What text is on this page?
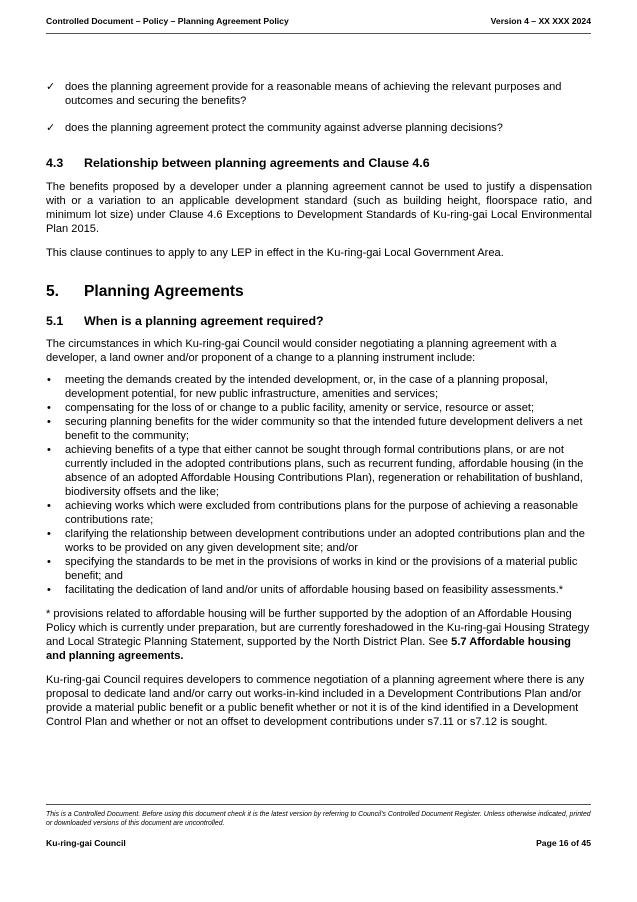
Controlled Document – Policy – Planning Agreement Policy	Version 4 – XX XXX 2024
✓ does the planning agreement provide for a reasonable means of achieving the relevant purposes and outcomes and securing the benefits?
✓ does the planning agreement protect the community against adverse planning decisions?
4.3 Relationship between planning agreements and Clause 4.6

The benefits proposed by a developer under a planning agreement cannot be used to justify a dispensation with or a variation to an applicable development standard (such as building height, floorspace ratio, and minimum lot size) under Clause 4.6 Exceptions to Development Standards of Ku-ring-gai Local Environmental Plan 2015.

This clause continues to apply to any LEP in effect in the Ku-ring-gai Local Government Area.

5. Planning Agreements
5.1 When is a planning agreement required?

The circumstances in which Ku-ring-gai Council would consider negotiating a planning agreement with a developer, a land owner and/or proponent of a change to a planning instrument include:

• meeting the demands created by the intended development, or, in the case of a planning proposal, development potential, for new public infrastructure, amenities and services;
• compensating for the loss of or change to a public facility, amenity or service, resource or asset;
• securing planning benefits for the wider community so that the intended future development delivers a net benefit to the community;
• achieving benefits of a type that either cannot be sought through formal contributions plans, or are not currently included in the adopted contributions plans, such as recurrent funding, affordable housing (in the absence of an adopted Affordable Housing Contributions Plan), regeneration or rehabilitation of bushland, biodiversity offsets and the like;
• achieving works which were excluded from contributions plans for the purpose of achieving a reasonable contributions rate;
• clarifying the relationship between development contributions under an adopted contributions plan and the works to be provided on any given development site; and/or
• specifying the standards to be met in the provisions of works in kind or the provisions of a material public benefit; and
• facilitating the dedication of land and/or units of affordable housing based on feasibility assessments.*

* provisions related to affordable housing will be further supported by the adoption of an Affordable Housing Policy which is currently under preparation, but are currently foreshadowed in the Ku-ring-gai Housing Strategy and Local Strategic Planning Statement, supported by the North District Plan. See 5.7 Affordable housing and planning agreements.

Ku-ring-gai Council requires developers to commence negotiation of a planning agreement where there is any proposal to dedicate land and/or carry out works-in-kind included in a Development Contributions Plan and/or provide a material public benefit or a public benefit whether or not it is of the kind identified in a Development Control Plan and whether or not an offset to development contributions under s7.11 or s7.12 is sought.

This is a Controlled Document. Before using this document check it is the latest version by referring to Council’s Controlled Document Register. Unless otherwise indicated, printed or downloaded versions of this document are uncontrolled.
Ku-ring-gai Council	Page 16 of 45
